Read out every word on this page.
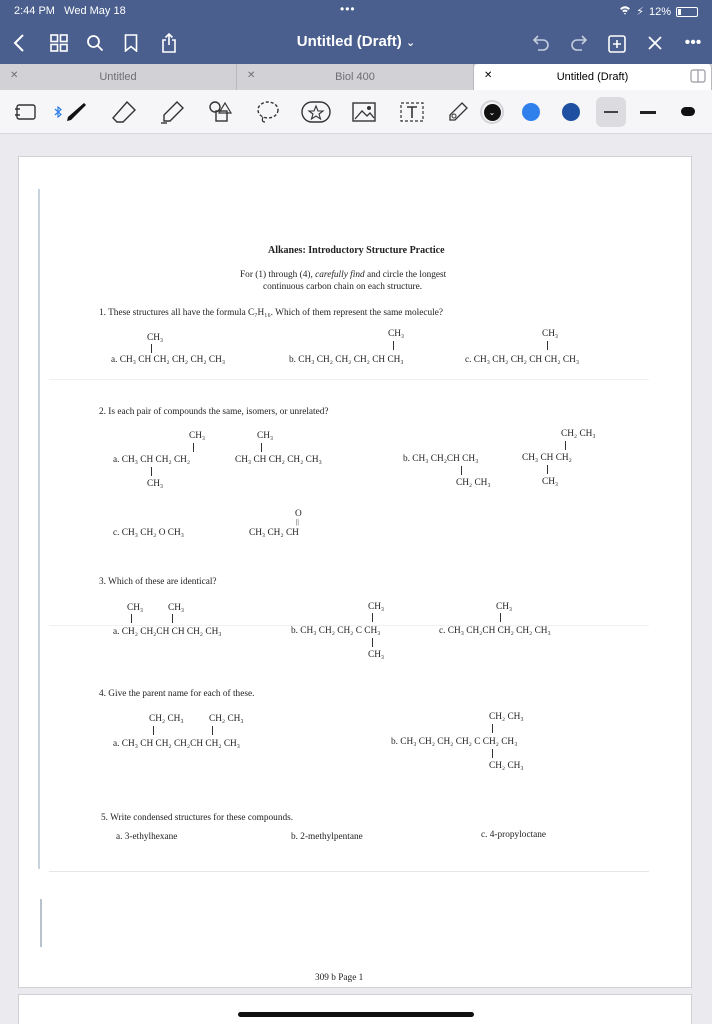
2:44 PM Wed May 18	•••	⚡ 12%
Untitled (Draft) ⌄	•••
✕	Untitled	✕	Biol 400	✕	Untitled (Draft)
⌄
Alkanes: Introductory Structure Practice
For (1) through (4), carefully find and circle the longest
continuous carbon chain on each structure.
1. These structures all have the formula C₇H₁₆. Which of them represent the same molecule?
CH₃
a. CH₃ CH CH₂ CH₂ CH₂ CH₃
CH₃
b. CH₃ CH₂ CH₂ CH₂ CH CH₃
CH₃
c. CH₃ CH₂ CH₂ CH CH₂ CH₃
2. Is each pair of compounds the same, isomers, or unrelated?
CH₃
a. CH₃ CH CH₂ CH₂
CH₃
CH₃
CH₃ CH CH₂ CH₂ CH₃	b. CH₃ CH₂CH CH₃
CH₂ CH₃
CH₂ CH₃
CH₃ CH CH₂
CH₃
c. CH₃ CH₂ O CH₃
O
||
CH₃ CH₂ CH
3. Which of these are identical?
CH₃	CH₃
a. CH₂ CH₂CH CH CH₂ CH₃
CH₃
b. CH₃ CH₂ CH₂ C CH₃
CH₃
CH₃
c. CH₃ CH₂CH CH₂ CH₂ CH₃
4. Give the parent name for each of these.
CH₂ CH₃	CH₂ CH₃
a. CH₃ CH CH₂ CH₂CH CH₂ CH₃
CH₂ CH₃
b. CH₃ CH₂ CH₂ CH₂ C CH₂ CH₃
CH₂ CH₃
5. Write condensed structures for these compounds.
a. 3-ethylhexane	b. 2-methylpentane	c. 4-propyloctane
309 b Page 1
